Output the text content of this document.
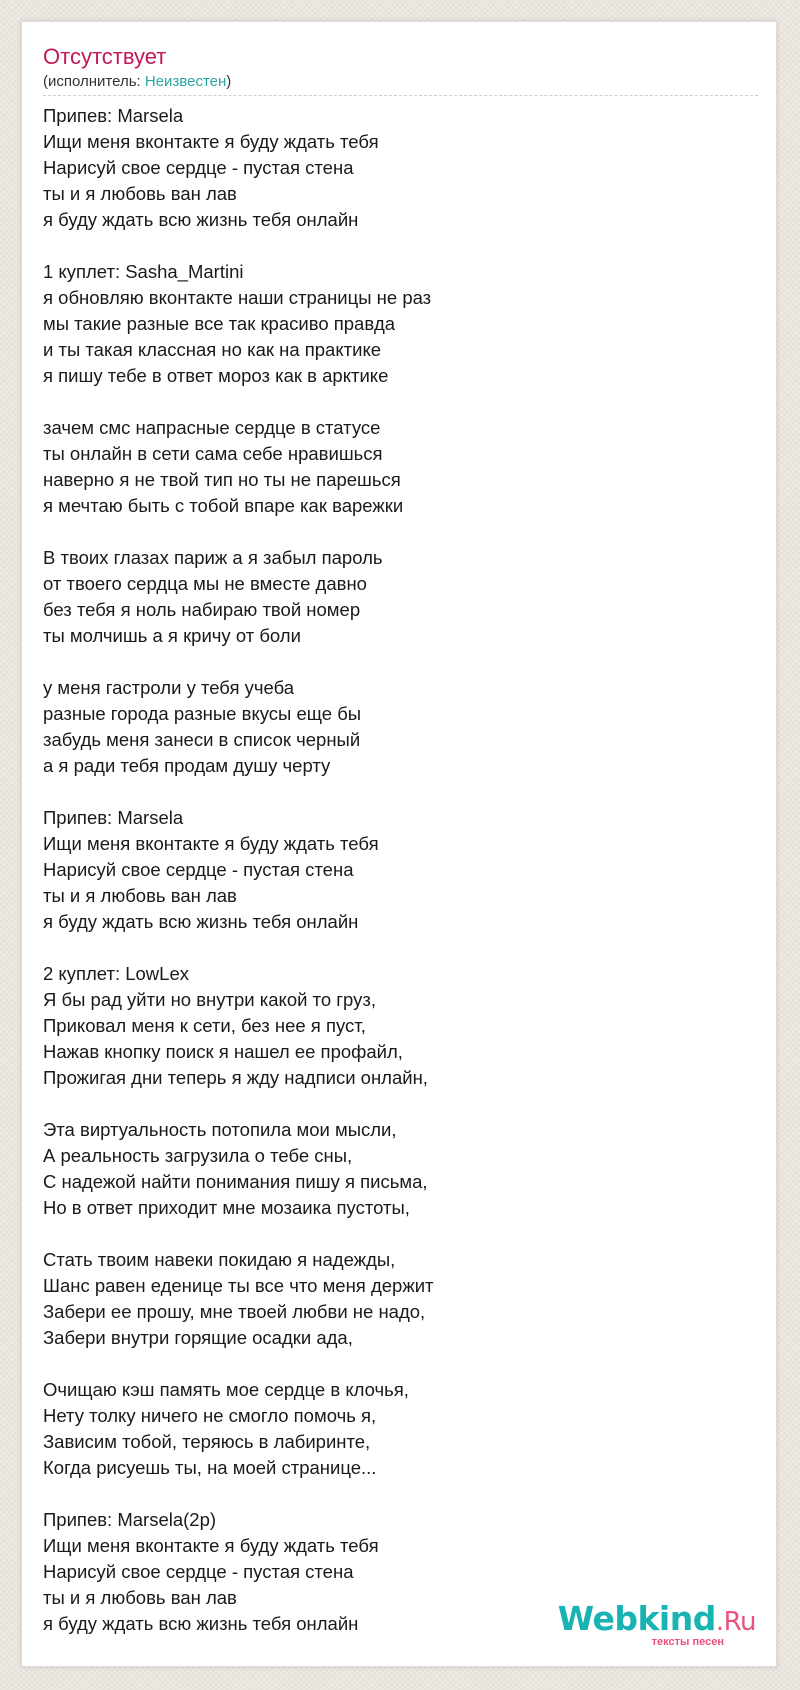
Отсутствует
(исполнитель: Неизвестен)
Припев: Marsela
Ищи меня вконтакте я буду ждать тебя
Нарисуй свое сердце - пустая стена
ты и я любовь ван лав
я буду ждать всю жизнь тебя онлайн
1 куплет: Sasha_Martini
я обновляю вконтакте наши страницы не раз
мы такие разные все так красиво правда
и ты такая классная но как на практике
я пишу тебе в ответ мороз как в арктике
зачем смс напрасные сердце в статусе
ты онлайн в сети сама себе нравишься
наверно я не твой тип но ты не парешься
я мечтаю быть с тобой впаре как варежки
В твоих глазах париж а я забыл пароль
от твоего сердца мы не вместе давно
без тебя я ноль набираю твой номер
ты молчишь а я кричу от боли
у меня гастроли у тебя учеба
разные города разные вкусы еще бы
забудь меня занеси в список черный
а я ради тебя продам душу черту
Припев: Marsela
Ищи меня вконтакте я буду ждать тебя
Нарисуй свое сердце - пустая стена
ты и я любовь ван лав
я буду ждать всю жизнь тебя онлайн
2 куплет: LowLex
Я бы рад уйти но внутри какой то груз,
Приковал меня к сети, без нее я пуст,
Нажав кнопку поиск я нашел ее профайл,
Прожигая дни теперь я жду надписи онлайн,
Эта виртуальность потопила мои мысли,
А реальность загрузила о тебе сны,
С надежой найти понимания пишу я письма,
Но в ответ приходит мне мозаика пустоты,
Стать твоим навеки покидаю я надежды,
Шанс равен еденице ты все что меня держит
Забери ее прошу, мне твоей любви не надо,
Забери внутри горящие осадки ада,
Очищаю кэш память мое сердце в клочья,
Нету толку ничего не смогло помочь я,
Зависим тобой, теряюсь в лабиринте,
Когда рисуешь ты, на моей странице...
Припев: Marsela(2р)
Ищи меня вконтакте я буду ждать тебя
Нарисуй свое сердце - пустая стена
ты и я любовь ван лав
я буду ждать всю жизнь тебя онлайн	Webkind.Ru
тексты песен
